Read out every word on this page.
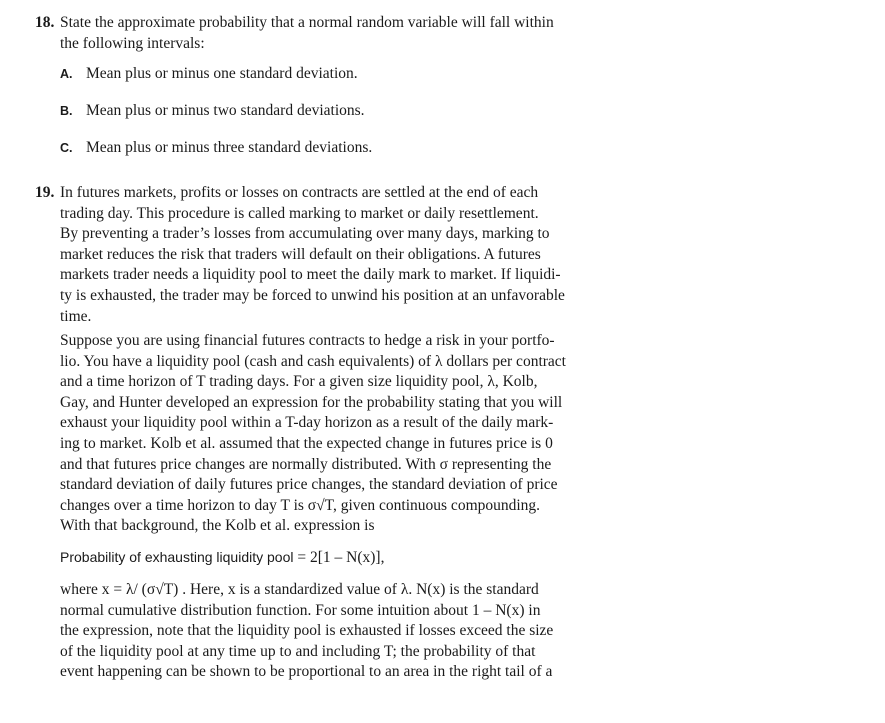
18. State the approximate probability that a normal random variable will fall within
the following intervals:
A. Mean plus or minus one standard deviation.
B. Mean plus or minus two standard deviations.
C. Mean plus or minus three standard deviations.
19. In futures markets, profits or losses on contracts are settled at the end of each
trading day. This procedure is called marking to market or daily resettlement.
By preventing a trader’s losses from accumulating over many days, marking to
market reduces the risk that traders will default on their obligations. A futures
markets trader needs a liquidity pool to meet the daily mark to market. If liquidi-
ty is exhausted, the trader may be forced to unwind his position at an unfavorable
time.
Suppose you are using financial futures contracts to hedge a risk in your portfo-
lio. You have a liquidity pool (cash and cash equivalents) of λ dollars per contract
and a time horizon of T trading days. For a given size liquidity pool, λ, Kolb,
Gay, and Hunter developed an expression for the probability stating that you will
exhaust your liquidity pool within a T-day horizon as a result of the daily mark-
ing to market. Kolb et al. assumed that the expected change in futures price is 0
and that futures price changes are normally distributed. With σ representing the
standard deviation of daily futures price changes, the standard deviation of price
changes over a time horizon to day T is σ√T, given continuous compounding.
With that background, the Kolb et al. expression is
Probability of exhausting liquidity pool = 2[1 – N(x)],
where x = λ/ (σ√T) . Here, x is a standardized value of λ. N(x) is the standard
normal cumulative distribution function. For some intuition about 1 – N(x) in
the expression, note that the liquidity pool is exhausted if losses exceed the size
of the liquidity pool at any time up to and including T; the probability of that
event happening can be shown to be proportional to an area in the right tail of a
